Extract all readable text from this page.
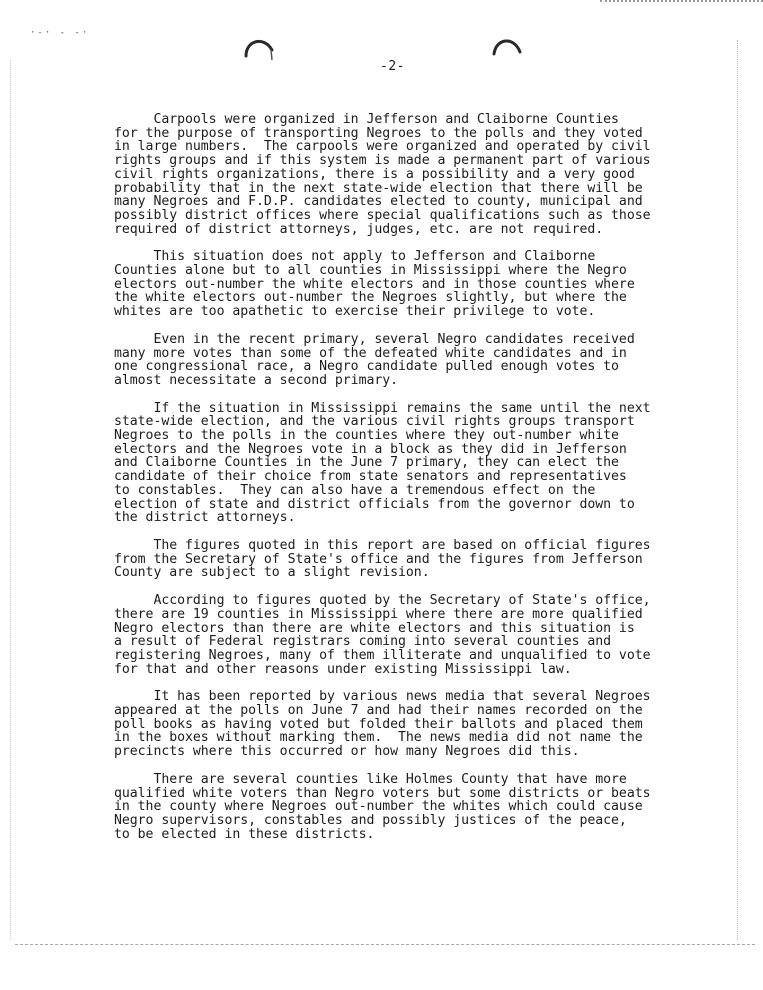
·-· - -·
-2-

Carpools were organized in Jefferson and Claiborne Counties
for the purpose of transporting Negroes to the polls and they voted
in large numbers.  The carpools were organized and operated by civil
rights groups and if this system is made a permanent part of various
civil rights organizations, there is a possibility and a very good
probability that in the next state-wide election that there will be
many Negroes and F.D.P. candidates elected to county, municipal and
possibly district offices where special qualifications such as those
required of district attorneys, judges, etc. are not required.

This situation does not apply to Jefferson and Claiborne
Counties alone but to all counties in Mississippi where the Negro
electors out-number the white electors and in those counties where
the white electors out-number the Negroes slightly, but where the
whites are too apathetic to exercise their privilege to vote.

Even in the recent primary, several Negro candidates received
many more votes than some of the defeated white candidates and in
one congressional race, a Negro candidate pulled enough votes to
almost necessitate a second primary.

If the situation in Mississippi remains the same until the next
state-wide election, and the various civil rights groups transport
Negroes to the polls in the counties where they out-number white
electors and the Negroes vote in a block as they did in Jefferson
and Claiborne Counties in the June 7 primary, they can elect the
candidate of their choice from state senators and representatives
to constables.  They can also have a tremendous effect on the
election of state and district officials from the governor down to
the district attorneys.

The figures quoted in this report are based on official figures
from the Secretary of State's office and the figures from Jefferson
County are subject to a slight revision.

According to figures quoted by the Secretary of State's office,
there are 19 counties in Mississippi where there are more qualified
Negro electors than there are white electors and this situation is
a result of Federal registrars coming into several counties and
registering Negroes, many of them illiterate and unqualified to vote
for that and other reasons under existing Mississippi law.

It has been reported by various news media that several Negroes
appeared at the polls on June 7 and had their names recorded on the
poll books as having voted but folded their ballots and placed them
in the boxes without marking them.  The news media did not name the
precincts where this occurred or how many Negroes did this.

There are several counties like Holmes County that have more
qualified white voters than Negro voters but some districts or beats
in the county where Negroes out-number the whites which could cause
Negro supervisors, constables and possibly justices of the peace,
to be elected in these districts.
